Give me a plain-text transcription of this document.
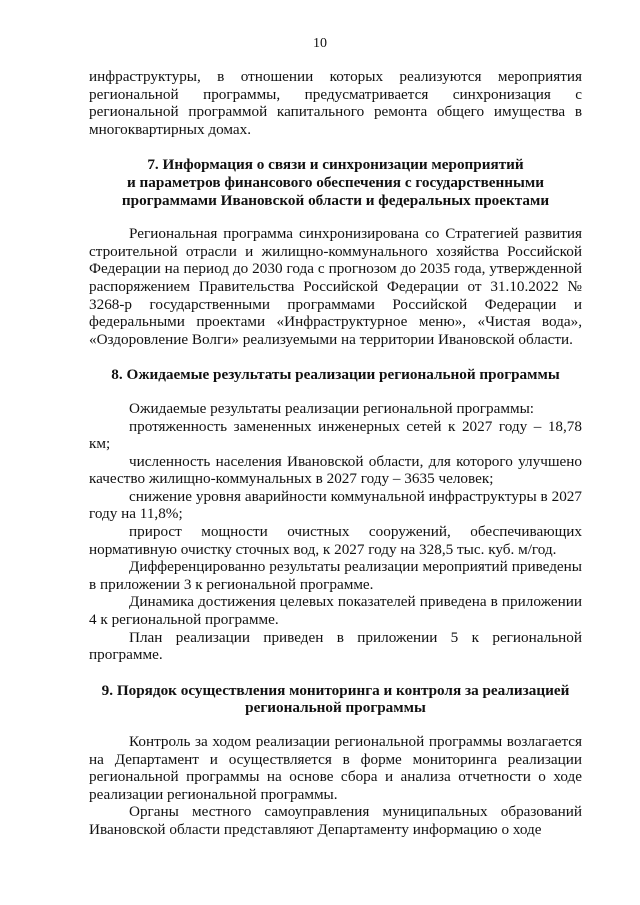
10

инфраструктуры, в отношении которых реализуются мероприятия региональной программы, предусматривается синхронизация с региональной программой капитального ремонта общего имущества в многоквартирных домах.

7. Информация о связи и синхронизации мероприятий
и параметров финансового обеспечения с государственными
программами Ивановской области и федеральных проектами

Региональная программа синхронизирована со Стратегией развития строительной отрасли и жилищно-коммунального хозяйства Российской Федерации на период до 2030 года с прогнозом до 2035 года, утвержденной распоряжением Правительства Российской Федерации от 31.10.2022 № 3268-р государственными программами Российской Федерации и федеральными проектами «Инфраструктурное меню», «Чистая вода», «Оздоровление Волги» реализуемыми на территории Ивановской области.

8. Ожидаемые результаты реализации региональной программы

Ожидаемые результаты реализации региональной программы:

протяженность замененных инженерных сетей к 2027 году – 18,78 км;

численность населения Ивановской области, для которого улучшено качество жилищно-коммунальных в 2027 году – 3635 человек;

снижение уровня аварийности коммунальной инфраструктуры в 2027 году на 11,8%;

прирост мощности очистных сооружений, обеспечивающих нормативную очистку сточных вод, к 2027 году на 328,5 тыс. куб. м/год.

Дифференцированно результаты реализации мероприятий приведены в приложении 3 к региональной программе.

Динамика достижения целевых показателей приведена в приложении 4 к региональной программе.

План реализации приведен в приложении 5 к региональной программе.

9. Порядок осуществления мониторинга и контроля за реализацией
региональной программы

Контроль за ходом реализации региональной программы возлагается на Департамент и осуществляется в форме мониторинга реализации региональной программы на основе сбора и анализа отчетности о ходе реализации региональной программы.

Органы местного самоуправления муниципальных образований Ивановской области представляют Департаменту информацию о ходе
